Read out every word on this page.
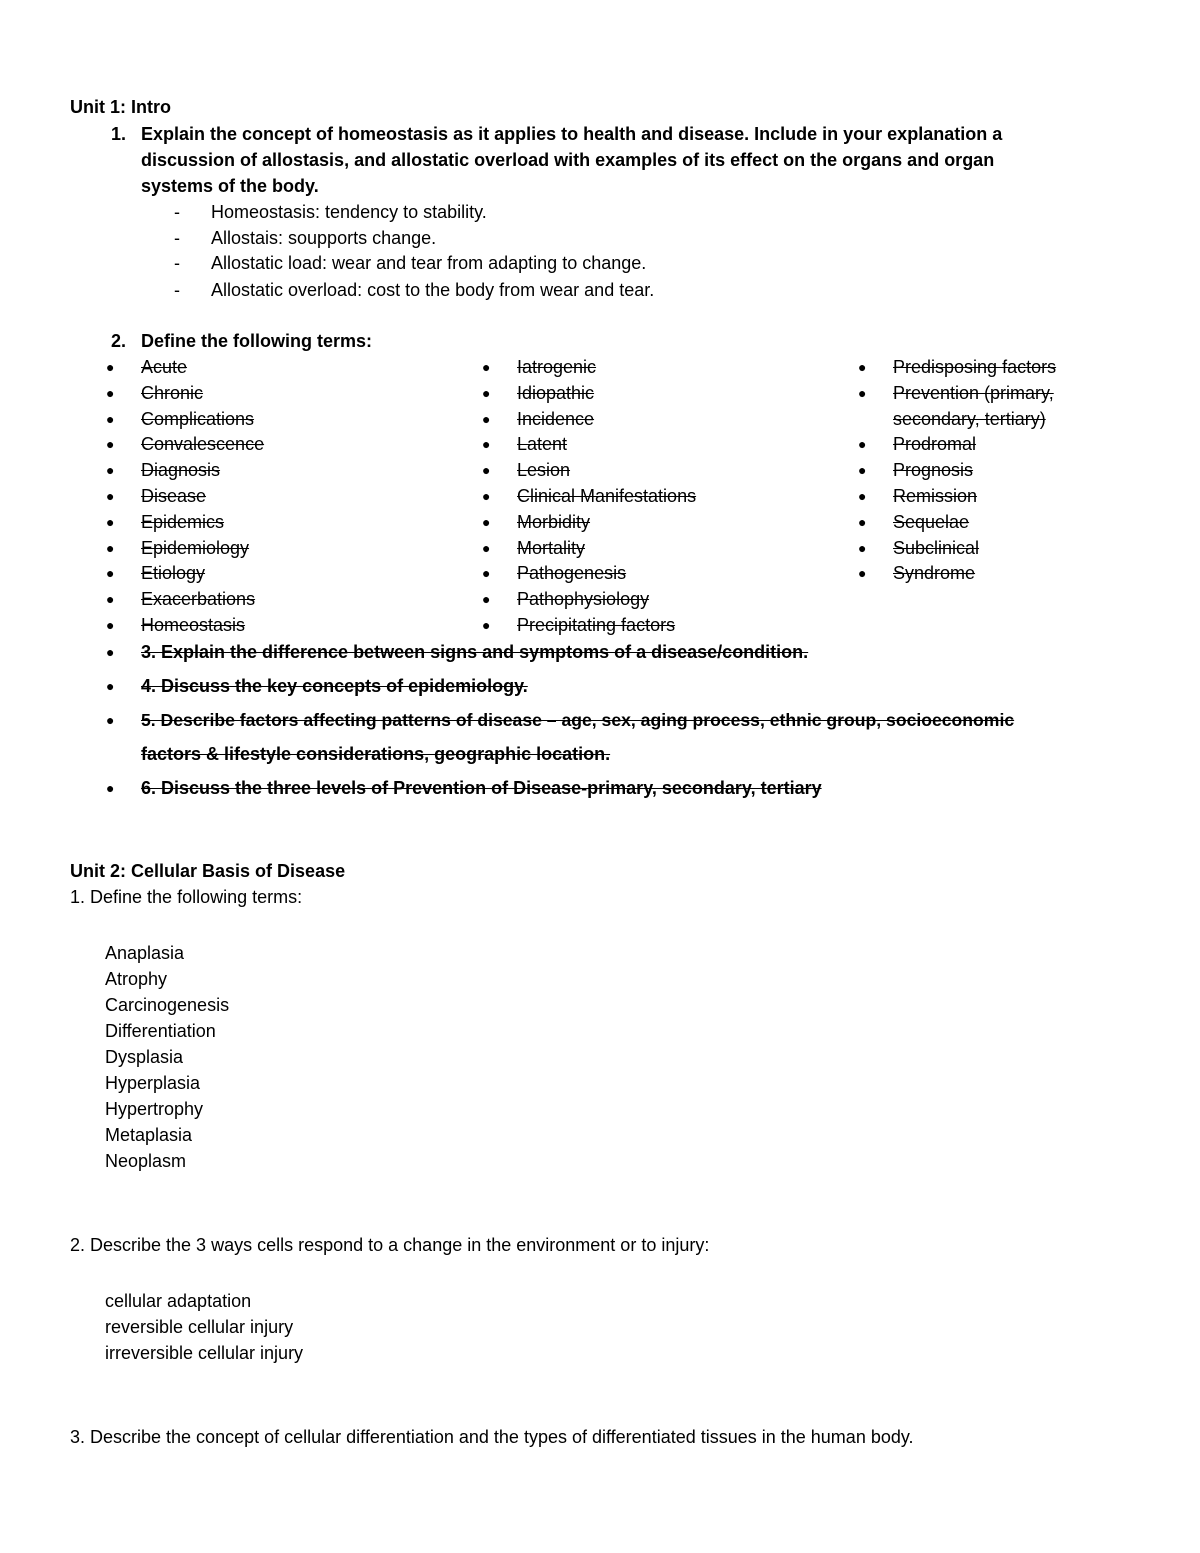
Unit 1: Intro
1. Explain the concept of homeostasis as it applies to health and disease. Include in your explanation a
discussion of allostasis, and allostatic overload with examples of its effect on the organs and organ
systems of the body.
- Homeostasis: tendency to stability.
- Allostais: soupports change.
- Allostatic load: wear and tear from adapting to change.
- Allostatic overload: cost to the body from wear and tear.
2. Define the following terms:
● Acute
● Chronic
● Complications
● Convalescence
● Diagnosis
● Disease
● Epidemics
● Epidemiology
● Etiology
● Exacerbations
● Homeostasis
● Iatrogenic
● Idiopathic
● Incidence
● Latent
● Lesion
● Clinical Manifestations
● Morbidity
● Mortality
● Pathogenesis
● Pathophysiology
● Precipitating factors
● Predisposing factors
● Prevention (primary,
secondary, tertiary)
● Prodromal
● Prognosis
● Remission
● Sequelae
● Subclinical
● Syndrome
● 3. Explain the difference between signs and symptoms of a disease/condition.
● 4. Discuss the key concepts of epidemiology.
● 5. Describe factors affecting patterns of disease – age, sex, aging process, ethnic group, socioeconomic
factors & lifestyle considerations, geographic location.
● 6. Discuss the three levels of Prevention of Disease-primary, secondary, tertiary
Unit 2: Cellular Basis of Disease
1. Define the following terms:
Anaplasia
Atrophy
Carcinogenesis
Differentiation
Dysplasia
Hyperplasia
Hypertrophy
Metaplasia
Neoplasm
2. Describe the 3 ways cells respond to a change in the environment or to injury:
cellular adaptation
reversible cellular injury
irreversible cellular injury
3. Describe the concept of cellular differentiation and the types of differentiated tissues in the human body.
